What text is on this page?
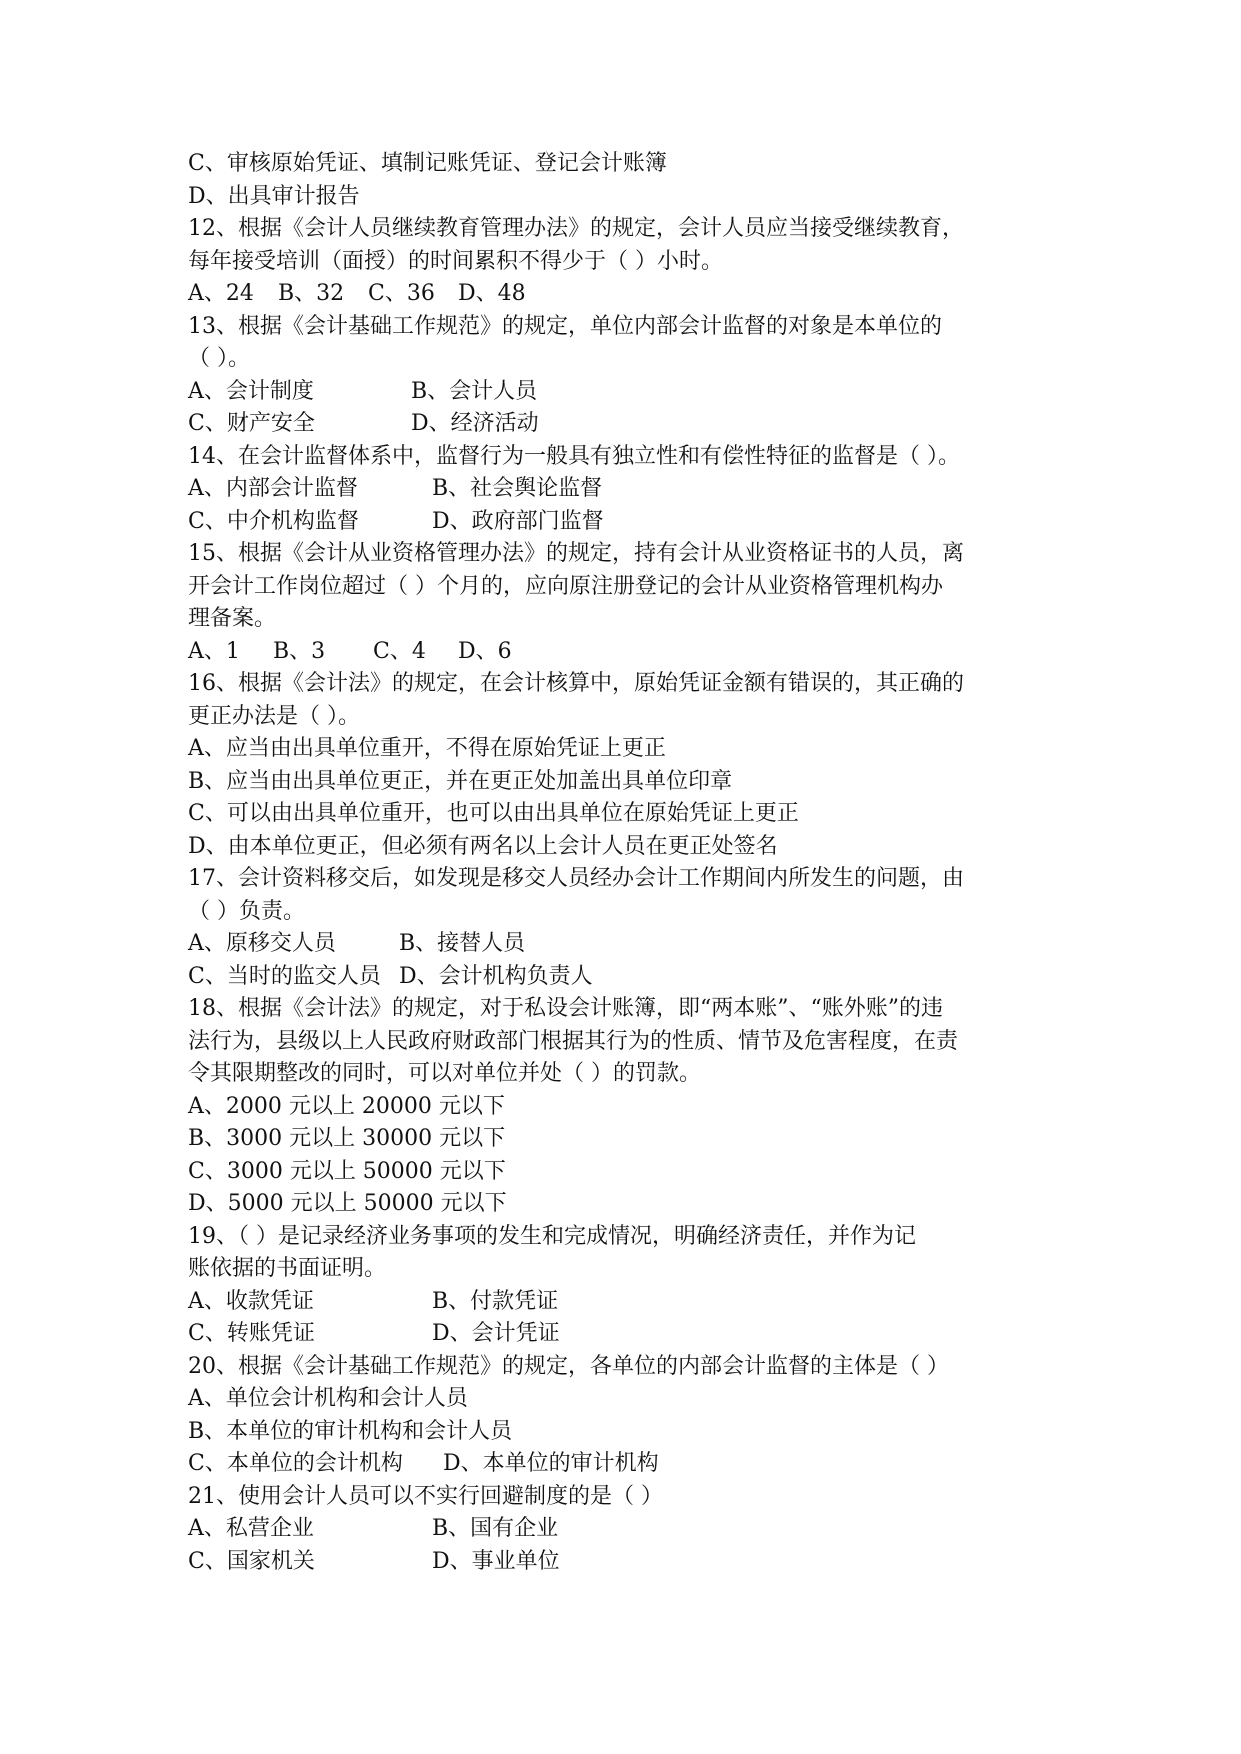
C、审核原始凭证、填制记账凭证、登记会计账簿
D、出具审计报告
12、根据《会计人员继续教育管理办法》的规定，会计人员应当接受继续教育，
每年接受培训（面授）的时间累积不得少于（ ）小时。
A、24	B、32	C、36	D、48
13、根据《会计基础工作规范》的规定，单位内部会计监督的对象是本单位的
（ ）。
A、会计制度	B、会计人员
C、财产安全	D、经济活动
14、在会计监督体系中，监督行为一般具有独立性和有偿性特征的监督是（ ）。
A、内部会计监督	B、社会舆论监督
C、中介机构监督	D、政府部门监督
15、根据《会计从业资格管理办法》的规定，持有会计从业资格证书的人员，离
开会计工作岗位超过（ ）个月的，应向原注册登记的会计从业资格管理机构办
理备案。
A、1	B、3	C、4	D、6
16、根据《会计法》的规定，在会计核算中，原始凭证金额有错误的，其正确的
更正办法是（ ）。
A、应当由出具单位重开，不得在原始凭证上更正
B、应当由出具单位更正，并在更正处加盖出具单位印章
C、可以由出具单位重开，也可以由出具单位在原始凭证上更正
D、由本单位更正，但必须有两名以上会计人员在更正处签名
17、会计资料移交后，如发现是移交人员经办会计工作期间内所发生的问题，由
（ ）负责。
A、原移交人员	B、接替人员
C、当时的监交人员 D、会计机构负责人
18、根据《会计法》的规定，对于私设会计账簿，即“两本账”、“账外账”的违
法行为，县级以上人民政府财政部门根据其行为的性质、情节及危害程度，在责
令其限期整改的同时，可以对单位并处（ ）的罚款。
A、2000 元以上 20000 元以下
B、3000 元以上 30000 元以下
C、3000 元以上 50000 元以下
D、5000 元以上 50000 元以下
19、（ ）是记录经济业务事项的发生和完成情况，明确经济责任，并作为记
账依据的书面证明。
A、收款凭证	B、付款凭证
C、转账凭证	D、会计凭证
20、根据《会计基础工作规范》的规定，各单位的内部会计监督的主体是（ ）
A、单位会计机构和会计人员
B、本单位的审计机构和会计人员
C、本单位的会计机构	D、本单位的审计机构
21、使用会计人员可以不实行回避制度的是（ ）
A、私营企业	B、国有企业
C、国家机关	D、事业单位
